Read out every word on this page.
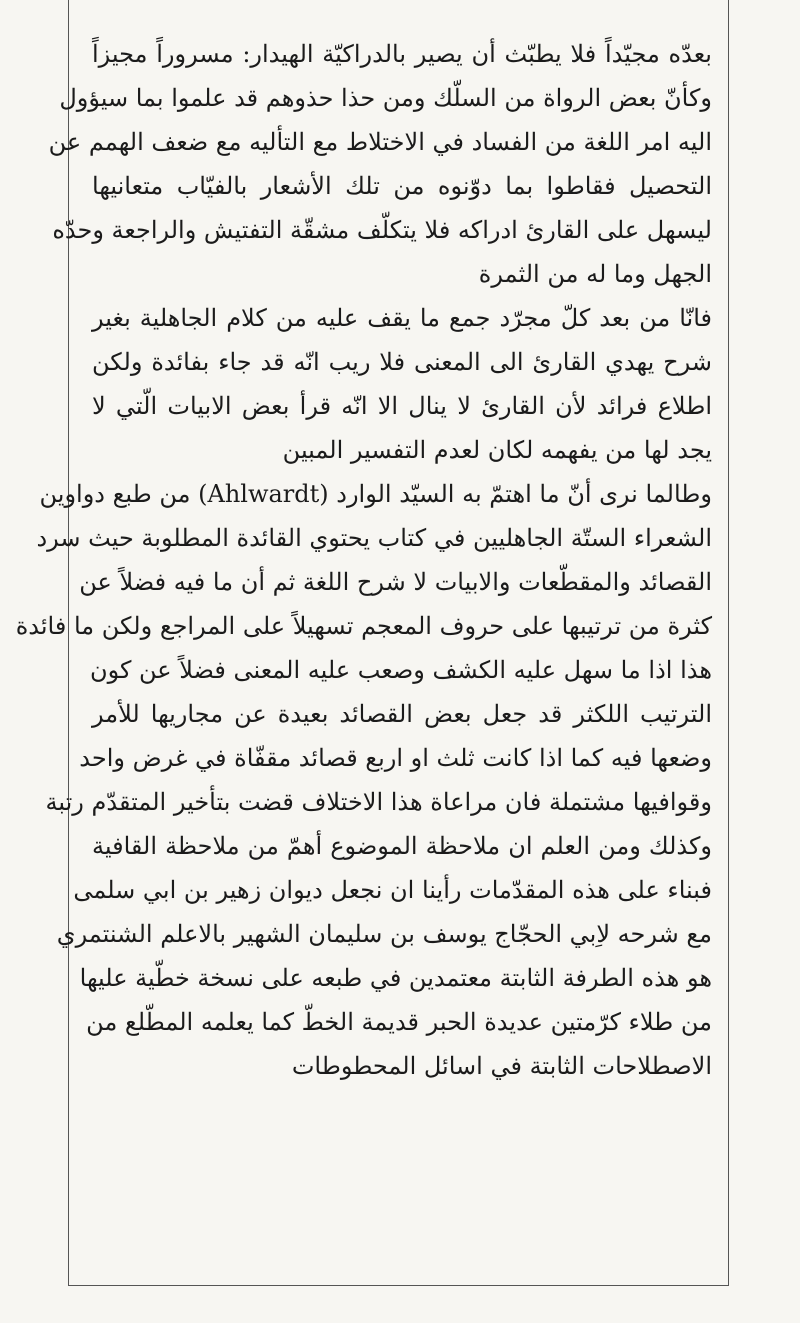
بعدّه مجيّداً فلا يطبّث أن يصير بالدراكيّة الهيدار: مسروراً مجيزاً
وكأنّ بعض الرواة من السلّك ومن حذا حذوهم قد علموا بما سيؤول
اليه امر اللغة من الفساد في الاختلاط مع التأليه مع ضعف الهمم عن
التحصيل فقاطوا بما دوّنوه من تلك الأشعار بالفيّاب متعانيها
ليسهل على القارئ ادراكه فلا يتكلّف مشقّة التفتيش والراجعة وحدّه
الجهل وما له من الثمرة
فانّا من بعد كلّ مجرّد جمع ما يقف عليه من كلام الجاهلية بغير
شرح يهدي القارئ الى المعنى فلا ريب انّه قد جاء بفائدة ولكن
اطلاع فرائد لأن القارئ لا ينال الا انّه قرأ بعض الابيات الّتي لا
يجد لها من يفهمه لكان لعدم التفسير المبين
وطالما نرى أنّ ما اهتمّ به السيّد الوارد (Ahlwardt) من طبع دواوين
الشعراء الستّة الجاهليين في كتاب يحتوي القائدة المطلوبة حيث سرد
القصائد والمقطّعات والابيات لا شرح اللغة ثم أن ما فيه فضلاً عن
كثرة من ترتيبها على حروف المعجم تسهيلاً على المراجع ولكن ما فائدة
هذا اذا ما سهل عليه الكشف وصعب عليه المعنى فضلاً عن كون
الترتيب اللكثر قد جعل بعض القصائد بعيدة عن مجاريها للأمر
وضعها فيه كما اذا كانت ثلث او اربع قصائد مقفّاة في غرض واحد
وقوافيها مشتملة فان مراعاة هذا الاختلاف قضت بتأخير المتقدّم رتبة
وكذلك ومن العلم ان ملاحظة الموضوع أهمّ من ملاحظة القافية
فبناء على هذه المقدّمات رأينا ان نجعل ديوان زهير بن ابي سلمى
مع شرحه لاِبي الحجّاج يوسف بن سليمان الشهير بالاعلم الشنتمري
هو هذه الطرفة الثابتة معتمدين في طبعه على نسخة خطّية عليها
من طلاء كرّمتين عديدة الحبر قديمة الخطّ كما يعلمه المطّلع من
الاصطلاحات الثابتة في اسائل المحطوطات
